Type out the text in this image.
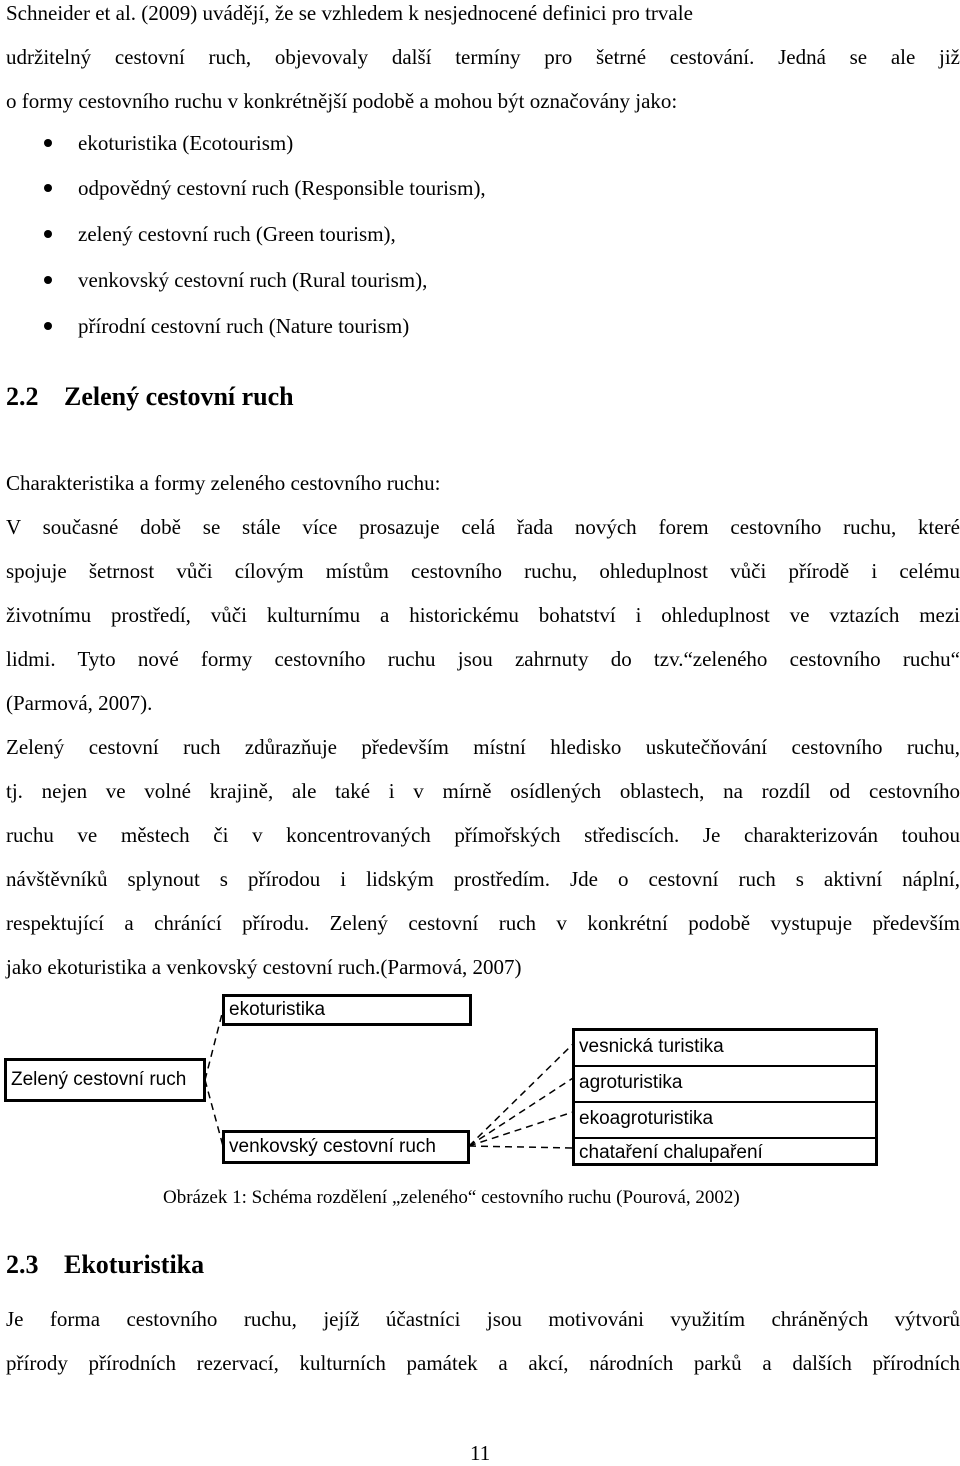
Schneider et al. (2009) uvádějí, že se vzhledem k nesjednocené definici pro trvale
udržitelný cestovní ruch, objevovaly další termíny pro šetrné cestování. Jedná se ale již
o formy cestovního ruchu v konkrétnější podobě a mohou být označovány jako:
ekoturistika (Ecotourism)
odpovědný cestovní ruch (Responsible tourism),
zelený cestovní ruch (Green tourism),
venkovský cestovní ruch (Rural tourism),
přírodní cestovní ruch (Nature tourism)
2.2 Zelený cestovní ruch
Charakteristika a formy zeleného cestovního ruchu:
V současné době se stále více prosazuje celá řada nových forem cestovního ruchu, které
spojuje šetrnost vůči cílovým místům cestovního ruchu, ohleduplnost vůči přírodě i celému
životnímu prostředí, vůči kulturnímu a historickému bohatství i ohleduplnost ve vztazích mezi
lidmi. Tyto nové formy cestovního ruchu jsou zahrnuty do tzv.“zeleného cestovního ruchu“
(Parmová, 2007).
Zelený cestovní ruch zdůrazňuje především místní hledisko uskutečňování cestovního ruchu,
tj. nejen ve volné krajině, ale také i v mírně osídlených oblastech, na rozdíl od cestovního
ruchu ve městech či v koncentrovaných přímořských střediscích. Je charakterizován touhou
návštěvníků splynout s přírodou i lidským prostředím. Jde o cestovní ruch s aktivní náplní,
respektující a chránící přírodu. Zelený cestovní ruch v konkrétní podobě vystupuje především
jako ekoturistika a venkovský cestovní ruch.(Parmová, 2007)
Zelený cestovní ruch
ekoturistika
venkovský cestovní ruch
vesnická turistika
agroturistika
ekoagroturistika
chataření chalupaření
Obrázek 1: Schéma rozdělení „zeleného“ cestovního ruchu (Pourová, 2002)
2.3 Ekoturistika
Je forma cestovního ruchu, jejíž účastníci jsou motivováni využitím chráněných výtvorů
přírody přírodních rezervací, kulturních památek a akcí, národních parků a dalších přírodních
11
